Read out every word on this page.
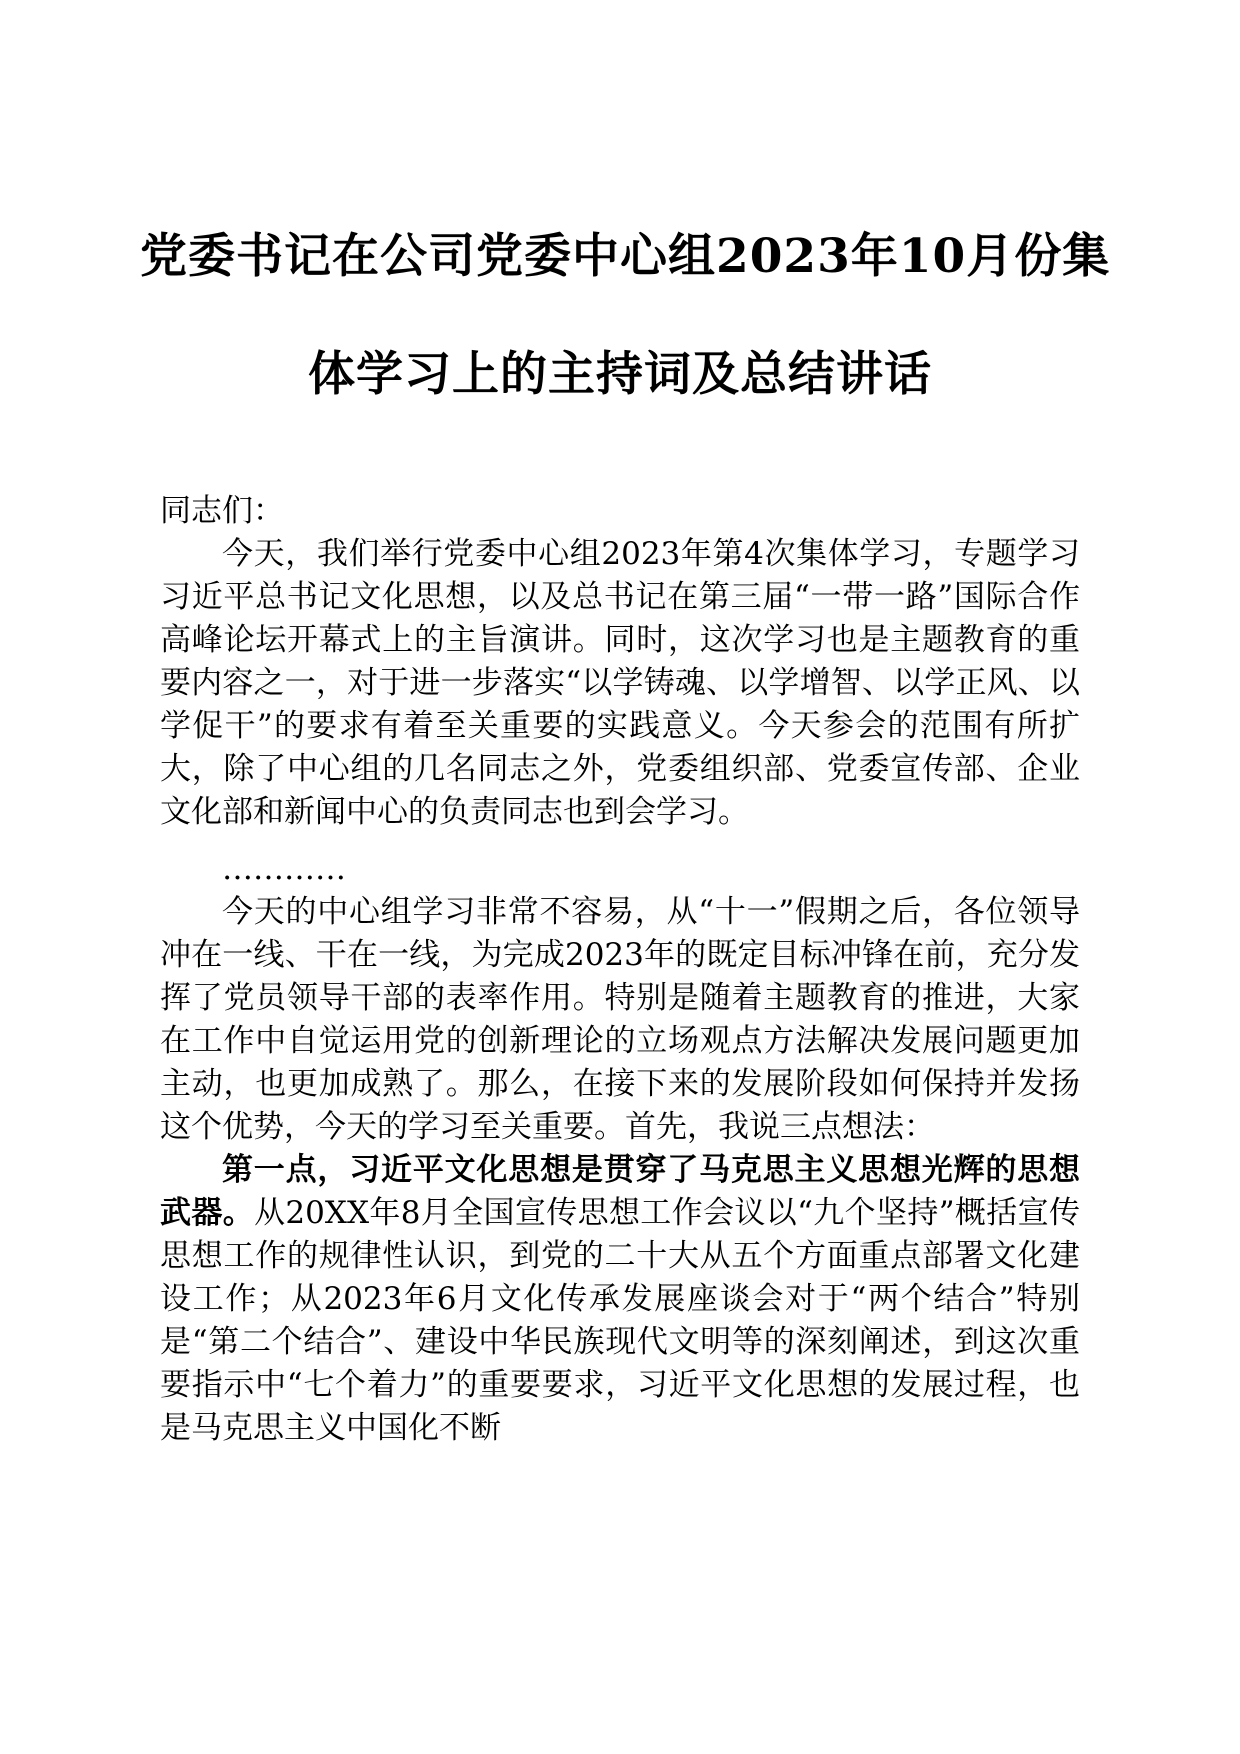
党委书记在公司党委中心组2023年10月份集
体学习上的主持词及总结讲话

同志们：

今天，我们举行党委中心组2023年第4次集体学习，专题学习习近平总书记文化思想，以及总书记在第三届“一带一路”国际合作高峰论坛开幕式上的主旨演讲。同时，这次学习也是主题教育的重要内容之一，对于进一步落实“以学铸魂、以学增智、以学正风、以学促干”的要求有着至关重要的实践意义。今天参会的范围有所扩大，除了中心组的几名同志之外，党委组织部、党委宣传部、企业文化部和新闻中心的负责同志也到会学习。

…………

今天的中心组学习非常不容易，从“十一”假期之后，各位领导冲在一线、干在一线，为完成2023年的既定目标冲锋在前，充分发挥了党员领导干部的表率作用。特别是随着主题教育的推进，大家在工作中自觉运用党的创新理论的立场观点方法解决发展问题更加主动，也更加成熟了。那么，在接下来的发展阶段如何保持并发扬这个优势，今天的学习至关重要。首先，我说三点想法：

第一点，习近平文化思想是贯穿了马克思主义思想光辉的思想武器。从20XX年8月全国宣传思想工作会议以“九个坚持”概括宣传思想工作的规律性认识，到党的二十大从五个方面重点部署文化建设工作；从2023年6月文化传承发展座谈会对于“两个结合”特别是“第二个结合”、建设中华民族现代文明等的深刻阐述，到这次重要指示中“七个着力”的重要要求，习近平文化思想的发展过程，也是马克思主义中国化不断
